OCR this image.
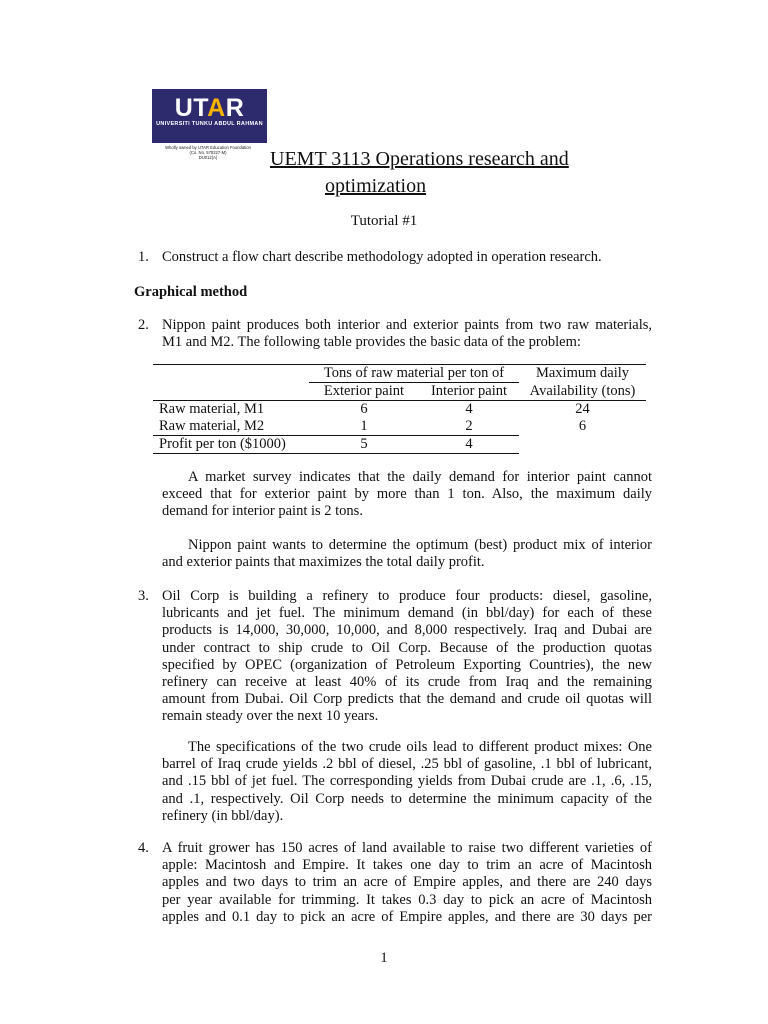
UTAR
UNIVERSITI TUNKU ABDUL RAHMAN
Wholly owned by UTAR Education Foundation
(Co. No. 578227-M)
DU012(A)	UEMT 3113 Operations research and
optimization
Tutorial #1
1. Construct a flow chart describe methodology adopted in operation research.
Graphical method
2. Nippon paint produces both interior and exterior paints from two raw materials,
M1 and M2. The following table provides the basic data of the problem:
	Tons of raw material per ton of		Maximum daily
	Exterior paint	Interior paint	Availability (tons)
Raw material, M1	6	4	24
Raw material, M2	1	2	6
Profit per ton ($1000)	5	4	
A market survey indicates that the daily demand for interior paint cannot
exceed that for exterior paint by more than 1 ton. Also, the maximum daily
demand for interior paint is 2 tons.
Nippon paint wants to determine the optimum (best) product mix of interior
and exterior paints that maximizes the total daily profit.
3. Oil Corp is building a refinery to produce four products: diesel, gasoline,
lubricants and jet fuel. The minimum demand (in bbl/day) for each of these
products is 14,000, 30,000, 10,000, and 8,000 respectively. Iraq and Dubai are
under contract to ship crude to Oil Corp. Because of the production quotas
specified by OPEC (organization of Petroleum Exporting Countries), the new
refinery can receive at least 40% of its crude from Iraq and the remaining
amount from Dubai. Oil Corp predicts that the demand and crude oil quotas will
remain steady over the next 10 years.
The specifications of the two crude oils lead to different product mixes: One
barrel of Iraq crude yields .2 bbl of diesel, .25 bbl of gasoline, .1 bbl of lubricant,
and .15 bbl of jet fuel. The corresponding yields from Dubai crude are .1, .6, .15,
and .1, respectively. Oil Corp needs to determine the minimum capacity of the
refinery (in bbl/day).
4. A fruit grower has 150 acres of land available to raise two different varieties of
apple: Macintosh and Empire. It takes one day to trim an acre of Macintosh
apples and two days to trim an acre of Empire apples, and there are 240 days
per year available for trimming. It takes 0.3 day to pick an acre of Macintosh
apples and 0.1 day to pick an acre of Empire apples, and there are 30 days per
1
